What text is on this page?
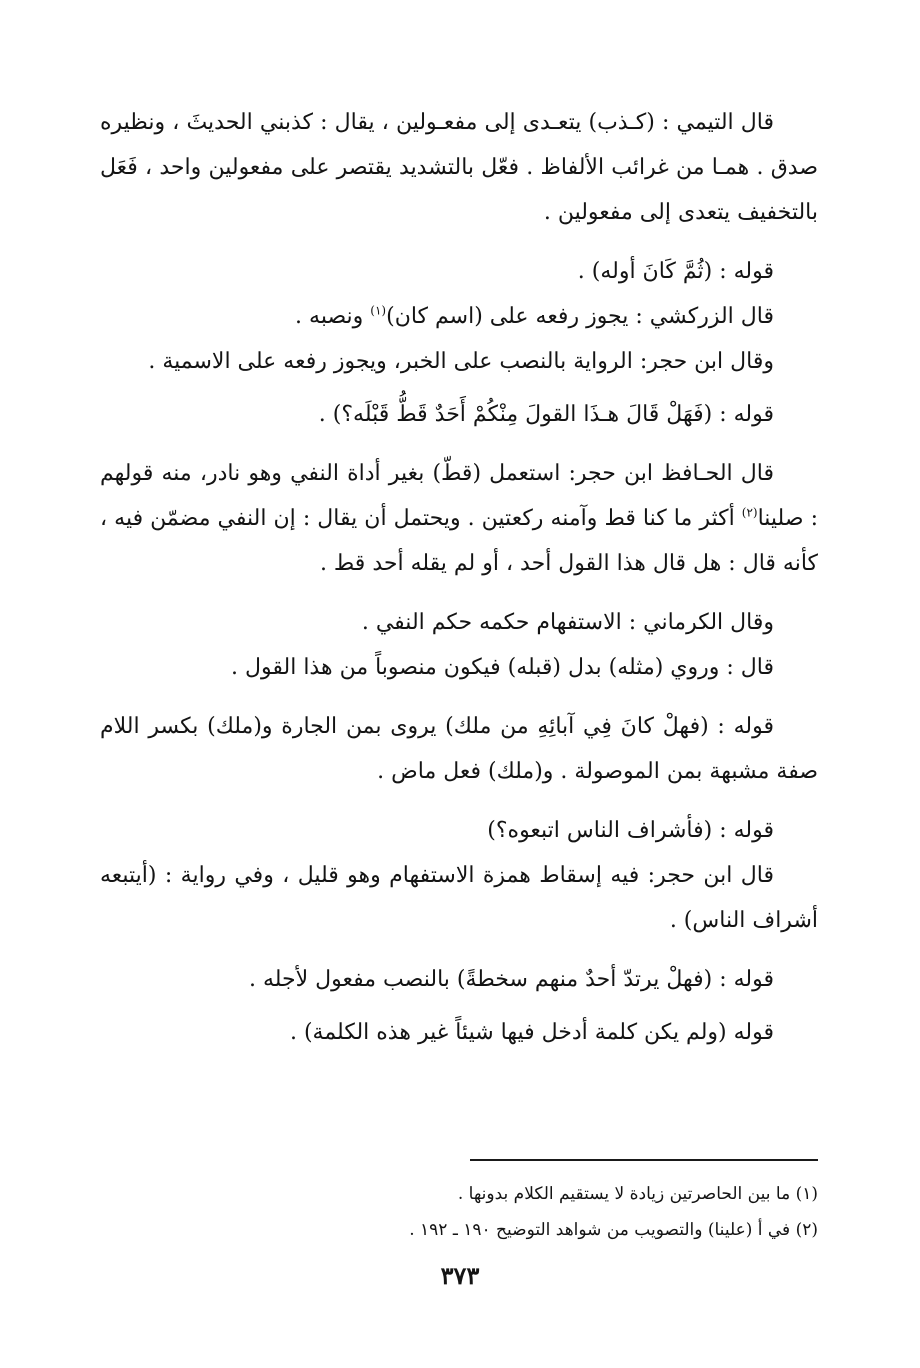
قال التيمي : (كـذب) يتعـدى إلى مفعـولين ، يقال : كذبني الحديثَ ، ونظيره صدق . همـا من غرائب الألفاظ . فعّل بالتشديد يقتصر على مفعولين واحد ، فَعَل بالتخفيف يتعدى إلى مفعولين .

قوله : (ثُمَّ كَانَ أوله) .

قال الزركشي : يجوز رفعه على (اسم كان)$^{(١)}$ ونصبه .

وقال ابن حجر: الرواية بالنصب على الخبر، ويجوز رفعه على الاسمية .

قوله : (فَهَلْ قَالَ هـذَا القولَ مِنْكُمْ أَحَدٌ قَطُّ قَبْلَه؟) .

قال الحـافظ ابن حجر: استعمل (قطّ) بغير أداة النفي وهو نادر، منه قولهم : صلينا$^{(٢)}$ أكثر ما كنا قط وآمنه ركعتين . ويحتمل أن يقال : إن النفي مضمّن فيه ، كأنه قال : هل قال هذا القول أحد ، أو لم يقله أحد قط .

وقال الكرماني : الاستفهام حكمه حكم النفي .

قال : وروي (مثله) بدل (قبله) فيكون منصوباً من هذا القول .

قوله : (فهلْ كانَ فِي آبائِهِ من ملك) يروى بمن الجارة و(ملك) بكسر اللام صفة مشبهة بمن الموصولة . و(ملك) فعل ماض .

قوله : (فأشراف الناس اتبعوه؟)

قال ابن حجر: فيه إسقاط همزة الاستفهام وهو قليل ، وفي رواية : (أيتبعه أشراف الناس) .

قوله : (فهلْ يرتدّ أحدٌ منهم سخطةً) بالنصب مفعول لأجله .

قوله (ولم يكن كلمة أدخل فيها شيئاً غير هذه الكلمة) .

(١) ما بين الحاصرتين زيادة لا يستقيم الكلام بدونها .

(٢) في أ (علينا) والتصويب من شواهد التوضيح ١٩٠ ـ ١٩٢ .

٣٧٣
